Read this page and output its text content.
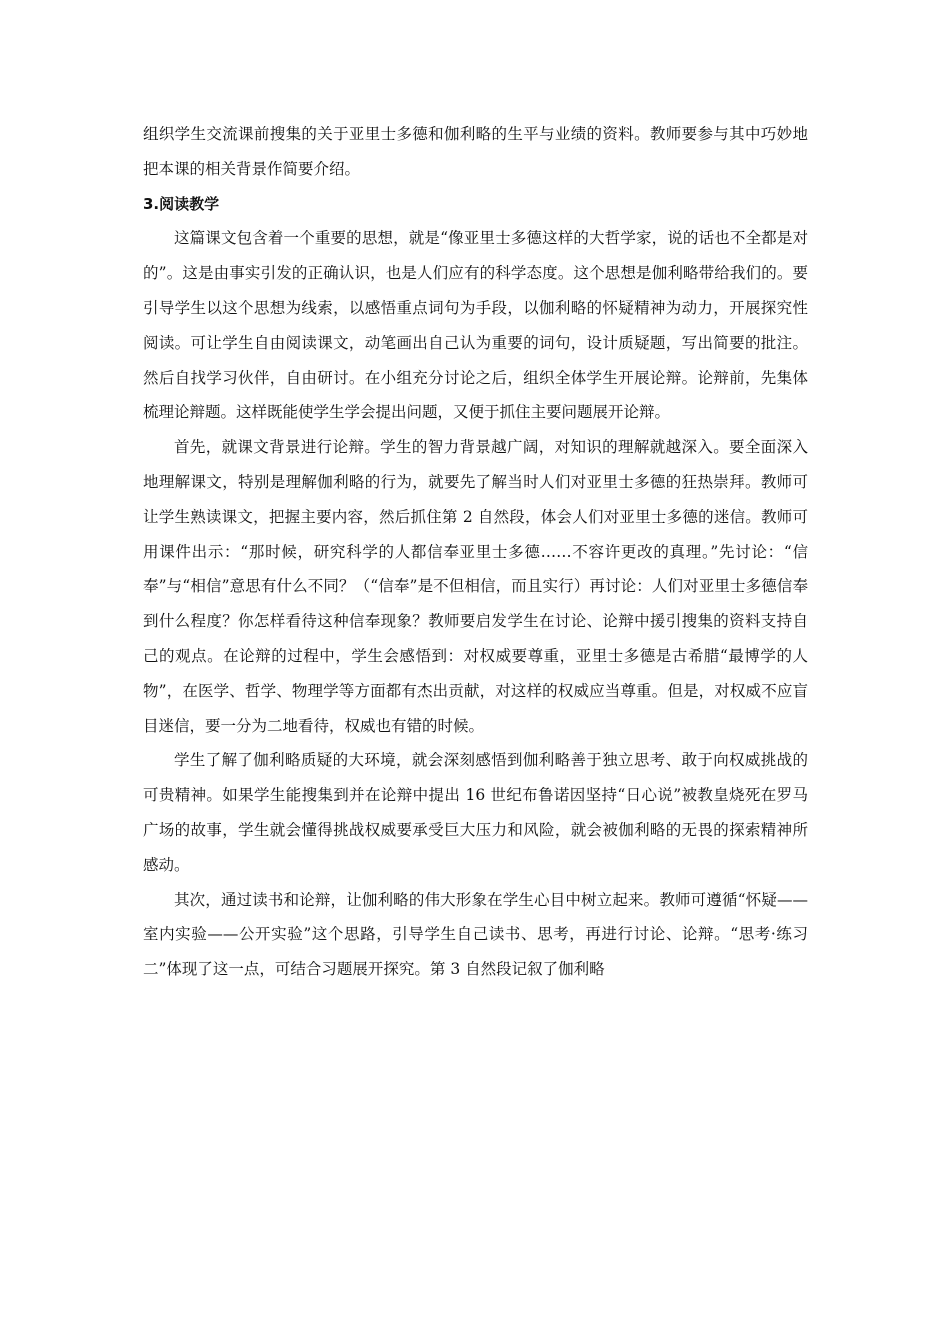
组织学生交流课前搜集的关于亚里士多德和伽利略的生平与业绩的资料。教师要参与其中巧妙地把本课的相关背景作简要介绍。

3.阅读教学

这篇课文包含着一个重要的思想，就是“像亚里士多德这样的大哲学家，说的话也不全都是对的”。这是由事实引发的正确认识，也是人们应有的科学态度。这个思想是伽利略带给我们的。要引导学生以这个思想为线索，以感悟重点词句为手段，以伽利略的怀疑精神为动力，开展探究性阅读。可让学生自由阅读课文，动笔画出自己认为重要的词句，设计质疑题，写出简要的批注。然后自找学习伙伴，自由研讨。在小组充分讨论之后，组织全体学生开展论辩。论辩前，先集体梳理论辩题。这样既能使学生学会提出问题，又便于抓住主要问题展开论辩。

首先，就课文背景进行论辩。学生的智力背景越广阔，对知识的理解就越深入。要全面深入地理解课文，特别是理解伽利略的行为，就要先了解当时人们对亚里士多德的狂热崇拜。教师可让学生熟读课文，把握主要内容，然后抓住第 2 自然段，体会人们对亚里士多德的迷信。教师可用课件出示：“那时候，研究科学的人都信奉亚里士多德……不容许更改的真理。”先讨论：“信奉”与“相信”意思有什么不同？（“信奉”是不但相信，而且实行）再讨论：人们对亚里士多德信奉到什么程度？你怎样看待这种信奉现象？教师要启发学生在讨论、论辩中援引搜集的资料支持自己的观点。在论辩的过程中，学生会感悟到：对权威要尊重，亚里士多德是古希腊“最博学的人物”，在医学、哲学、物理学等方面都有杰出贡献，对这样的权威应当尊重。但是，对权威不应盲目迷信，要一分为二地看待，权威也有错的时候。

学生了解了伽利略质疑的大环境，就会深刻感悟到伽利略善于独立思考、敢于向权威挑战的可贵精神。如果学生能搜集到并在论辩中提出 16 世纪布鲁诺因坚持“日心说”被教皇烧死在罗马广场的故事，学生就会懂得挑战权威要承受巨大压力和风险，就会被伽利略的无畏的探索精神所感动。

其次，通过读书和论辩，让伽利略的伟大形象在学生心目中树立起来。教师可遵循“怀疑——室内实验——公开实验”这个思路，引导学生自己读书、思考，再进行讨论、论辩。“思考·练习二”体现了这一点，可结合习题展开探究。第 3 自然段记叙了伽利略
